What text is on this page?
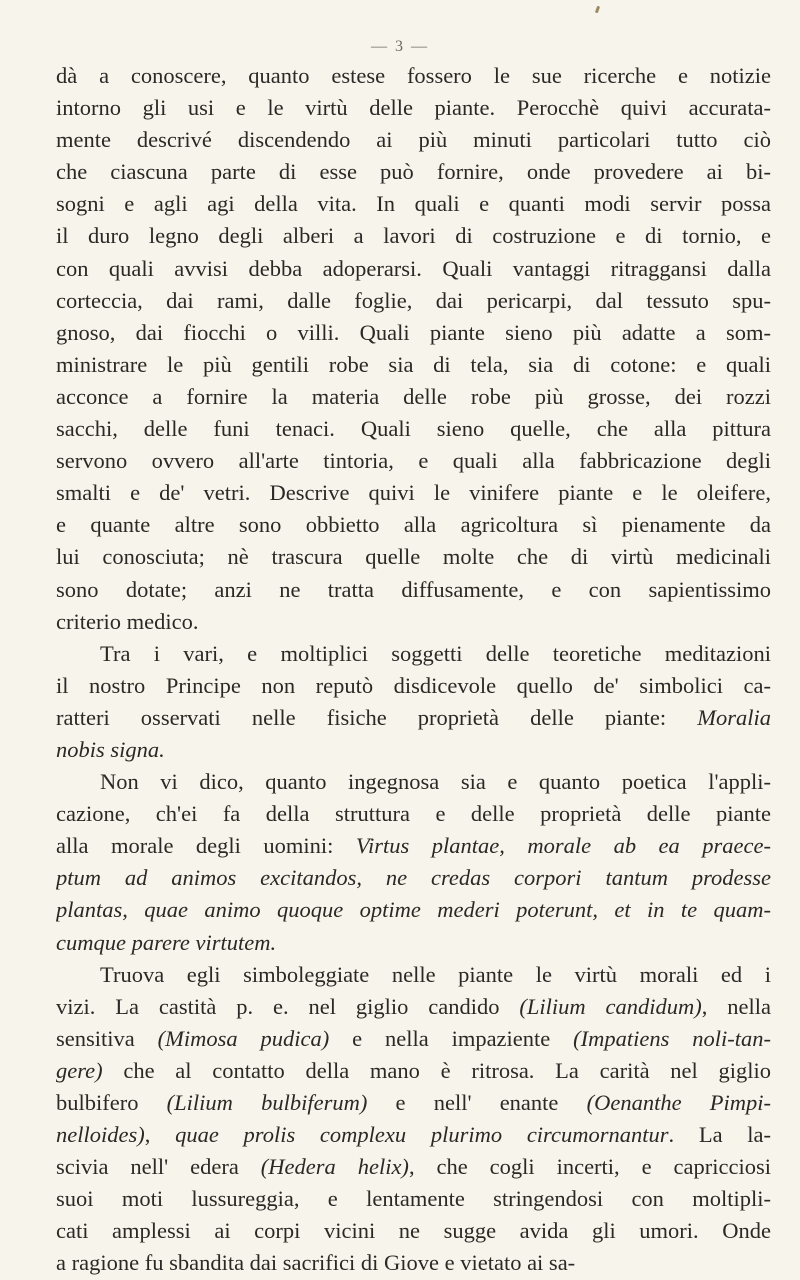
— 3 —
dà a conoscere, quanto estese fossero le sue ricerche e notizie
intorno gli usi e le virtù delle piante. Perocchè quivi accurata-
mente descrivé discendendo ai più minuti particolari tutto ciò
che ciascuna parte di esse può fornire, onde provedere ai bi-
sogni e agli agi della vita. In quali e quanti modi servir possa
il duro legno degli alberi a lavori di costruzione e di tornio, e
con quali avvisi debba adoperarsi. Quali vantaggi ritraggansi dalla
corteccia, dai rami, dalle foglie, dai pericarpi, dal tessuto spu-
gnoso, dai fiocchi o villi. Quali piante sieno più adatte a som-
ministrare le più gentili robe sia di tela, sia di cotone: e quali
acconce a fornire la materia delle robe più grosse, dei rozzi
sacchi, delle funi tenaci. Quali sieno quelle, che alla pittura
servono ovvero all'arte tintoria, e quali alla fabbricazione degli
smalti e de' vetri. Descrive quivi le vinifere piante e le oleifere,
e quante altre sono obbietto alla agricoltura sì pienamente da
lui conosciuta; nè trascura quelle molte che di virtù medicinali
sono dotate; anzi ne tratta diffusamente, e con sapientissimo
criterio medico.
Tra i vari, e moltiplici soggetti delle teoretiche meditazioni
il nostro Principe non reputò disdicevole quello de' simbolici ca-
ratteri osservati nelle fisiche proprietà delle piante: Moralia
nobis signa.
Non vi dico, quanto ingegnosa sia e quanto poetica l'appli-
cazione, ch'ei fa della struttura e delle proprietà delle piante
alla morale degli uomini: Virtus plantae, morale ab ea praece-
ptum ad animos excitandos, ne credas corpori tantum prodesse
plantas, quae animo quoque optime mederi poterunt, et in te quam-
cumque parere virtutem.
Truova egli simboleggiate nelle piante le virtù morali ed i
vizi. La castità p. e. nel giglio candido (Lilium candidum), nella
sensitiva (Mimosa pudica) e nella impaziente (Impatiens noli-tan-
gere) che al contatto della mano è ritrosa. La carità nel giglio
bulbifero (Lilium bulbiferum) e nell' enante (Oenanthe Pimpi-
nelloides), quae prolis complexu plurimo circumornantur. La la-
scivia nell' edera (Hedera helix), che cogli incerti, e capricciosi
suoi moti lussureggia, e lentamente stringendosi con moltipli-
cati amplessi ai corpi vicini ne sugge avida gli umori. Onde
a ragione fu sbandita dai sacrifici di Giove e vietato ai sa-
